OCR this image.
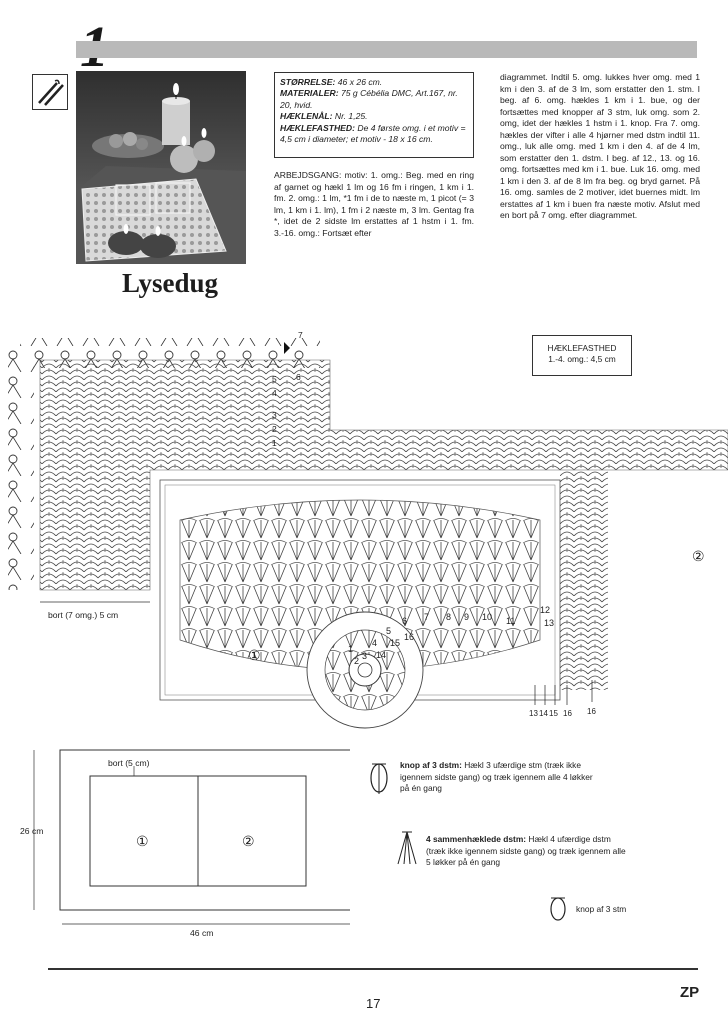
Lysedug
STØRRELSE: 46 x 26 cm.
MATERIALER: 75 g Cébélia DMC, Art.167, nr. 20, hvid.
HÆKLENÅL: Nr. 1,25.
HÆKLEFASTHED: De 4 første omg. i et motiv = 4,5 cm i diameter; et motiv - 18 x 16 cm.
ARBEJDSGANG: motiv: 1. omg.: Beg. med en ring af garnet og hækl 1 lm og 16 fm i ringen, 1 km i 1. fm. 2. omg.: 1 lm, *1 fm i de to næste m, 1 picot (= 3 lm, 1 km i 1. lm), 1 fm i 2 næste m, 3 lm. Gentag fra *, idet de 2 sidste lm erstattes af 1 hstm i 1. fm. 3.-16. omg.: Fortsæt efter
diagrammet. Indtil 5. omg. lukkes hver omg. med 1 km i den 3. af de 3 lm, som erstatter den 1. stm. I beg. af 6. omg. hækles 1 km i 1. bue, og der fortsættes med knopper af 3 stm, luk omg. som 2. omg, idet der hækles 1 hstm i 1. knop. Fra 7. omg. hækles der vifter i alle 4 hjørner med dstm indtil 11. omg., luk alle omg. med 1 km i den 4. af de 4 lm, som erstatter den 1. dstm. I beg. af 12., 13. og 16. omg. fortsættes med km i 1. bue. Luk 16. omg. med 1 km i den 3. af de 8 lm fra beg. og bryd garnet. På 16. omg. samles de 2 motiver, idet buernes midt. lm erstattes af 1 km i buen fra næste motiv. Afslut med en bort på 7 omg. efter diagrammet.
HÆKLEFASTHED
1.-4. omg.: 4,5 cm
3
4
5
6 7 8 9 10 11
12
13
1
2
14
15
16
7
6
5
4
3
2
1
13 14 15 16 16
①
②
bort (7 omg.) 5 cm
bort (5 cm)
26 cm
46 cm
①	②
knop af 3 dstm: Hækl 3 ufærdige stm (træk ikke igennem sidste gang) og træk igennem alle 4 løkker på én gang
4 sammenhæklede dstm: Hækl 4 ufærdige dstm (træk ikke igennem sidste gang) og træk igennem alle 5 løkker på én gang
knop af 3 stm
17
ZP
